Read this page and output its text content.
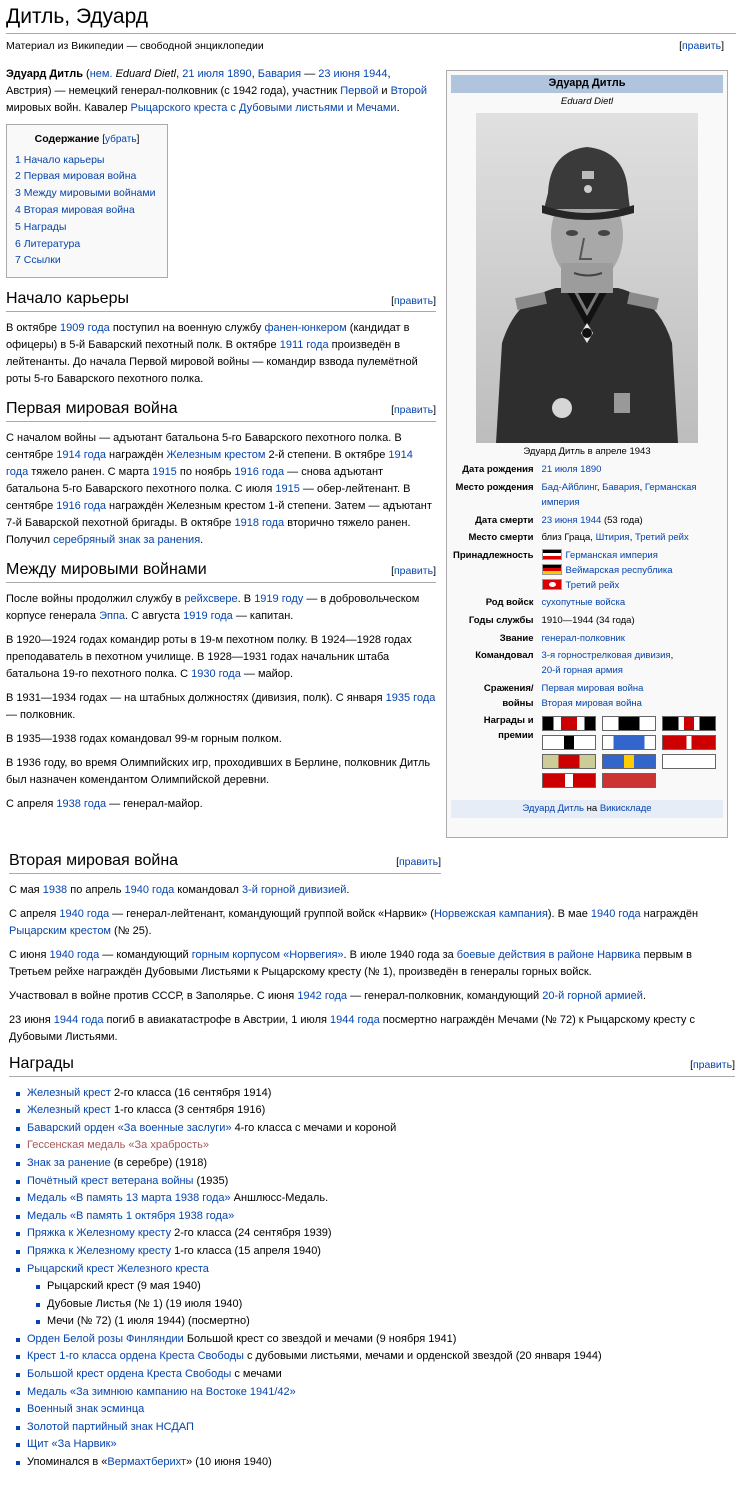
Дитль, Эдуард
Материал из Википедии — свободной энциклопедии	[править]

Эдуард Дитль (нем. Eduard Dietl, 21 июля 1890, Бавария — 23 июня 1944, Австрия) — немецкий генерал-полковник (с 1942 года), участник Первой и Второй мировых войн. Кавалер Рыцарского креста с Дубовыми листьями и Мечами.

Содержание [убрать]
1 Начало карьеры
2 Первая мировая война
3 Между мировыми войнами
4 Вторая мировая война
5 Награды
6 Литература
7 Ссылки
Начало карьеры	[править]

В октябре 1909 года поступил на военную службу фанен-юнкером (кандидат в офицеры) в 5-й Баварский пехотный полк. В октябре 1911 года произведён в лейтенанты. До начала Первой мировой войны — командир взвода пулемётной роты 5-го Баварского пехотного полка.

Первая мировая война	[править]

С началом войны — адъютант батальона 5-го Баварского пехотного полка. В сентябре 1914 года награждён Железным крестом 2-й степени. В октябре 1914 года тяжело ранен. С марта 1915 по ноябрь 1916 года — снова адъютант батальона 5-го Баварского пехотного полка. С июля 1915 — обер-лейтенант. В сентябре 1916 года награждён Железным крестом 1-й степени. Затем — адъютант 7-й Баварской пехотной бригады. В октябре 1918 года вторично тяжело ранен. Получил серебряный знак за ранения.

Между мировыми войнами	[править]

После войны продолжил службу в рейхсвере. В 1919 году — в добровольческом корпусе генерала Эппа. С августа 1919 года — капитан.

В 1920—1924 годах командир роты в 19-м пехотном полку. В 1924—1928 годах преподаватель в пехотном училище. В 1928—1931 годах начальник штаба батальона 19-го пехотного полка. С 1930 года — майор.

В 1931—1934 годах — на штабных должностях (дивизия, полк). С января 1935 года — полковник.

В 1935—1938 годах командовал 99-м горным полком.

В 1936 году, во время Олимпийских игр, проходивших в Берлине, полковник Дитль был назначен комендантом Олимпийской деревни.

С апреля 1938 года — генерал-майор.

Эдуард Дитль
Eduard Dietl
Эдуард Дитль в апреле 1943
Дата рождения	21 июля 1890
Место рождения	Бад-Айблинг, Бавария, Германская империя
Дата смерти	23 июня 1944 (53 года)
Место смерти	близ Граца, Штирия, Третий рейх
Принадлежность	Германская империя
Веймарская республика
Третий рейх

Род войск	сухопутные войска
Годы службы	1910—1944 (34 года)
Звание	генерал-полковник
Командовал	3-я горнострелковая дивизия,
20-й горная армия
Сражения/войны	Первая мировая война
Вторая мировая война
Награды и премии	
Эдуард Дитль на Викискладе
Вторая мировая война	[править]

С мая 1938 по апрель 1940 года командовал 3-й горной дивизией.

С апреля 1940 года — генерал-лейтенант, командующий группой войск «Нарвик» (Норвежская кампания). В мае 1940 года награждён Рыцарским крестом (№ 25).

С июня 1940 года — командующий горным корпусом «Норвегия». В июле 1940 года за боевые действия в районе Нарвика первым в Третьем рейхе награждён Дубовыми Листьями к Рыцарскому кресту (№ 1), произведён в генералы горных войск.

Участвовал в войне против СССР, в Заполярье. С июня 1942 года — генерал-полковник, командующий 20-й горной армией.

23 июня 1944 года погиб в авиакатастрофе в Австрии, 1 июля 1944 года посмертно награждён Мечами (№ 72) к Рыцарскому кресту с Дубовыми Листьями.

Награды	[править]
Железный крест 2-го класса (16 сентября 1914)
Железный крест 1-го класса (3 сентября 1916)
Баварский орден «За военные заслуги» 4-го класса с мечами и короной
Гессенская медаль «За храбрость»
Знак за ранение (в серебре) (1918)
Почётный крест ветерана войны (1935)
Медаль «В память 13 марта 1938 года» Аншлюсс-Медаль.
Медаль «В память 1 октября 1938 года»
Пряжка к Железному кресту 2-го класса (24 сентября 1939)
Пряжка к Железному кресту 1-го класса (15 апреля 1940)
Рыцарский крест Железного креста
Рыцарский крест (9 мая 1940)
Дубовые Листья (№ 1) (19 июля 1940)
Мечи (№ 72) (1 июля 1944) (посмертно)
Орден Белой розы Финляндии Большой крест со звездой и мечами (9 ноября 1941)
Крест 1-го класса ордена Креста Свободы с дубовыми листьями, мечами и орденской звездой (20 января 1944)
Большой крест ордена Креста Свободы с мечами
Медаль «За зимнюю кампанию на Востоке 1941/42»
Военный знак эсминца
Золотой партийный знак НСДАП
Щит «За Нарвик»
Упоминался в «Вермахтберихт» (10 июня 1940)
